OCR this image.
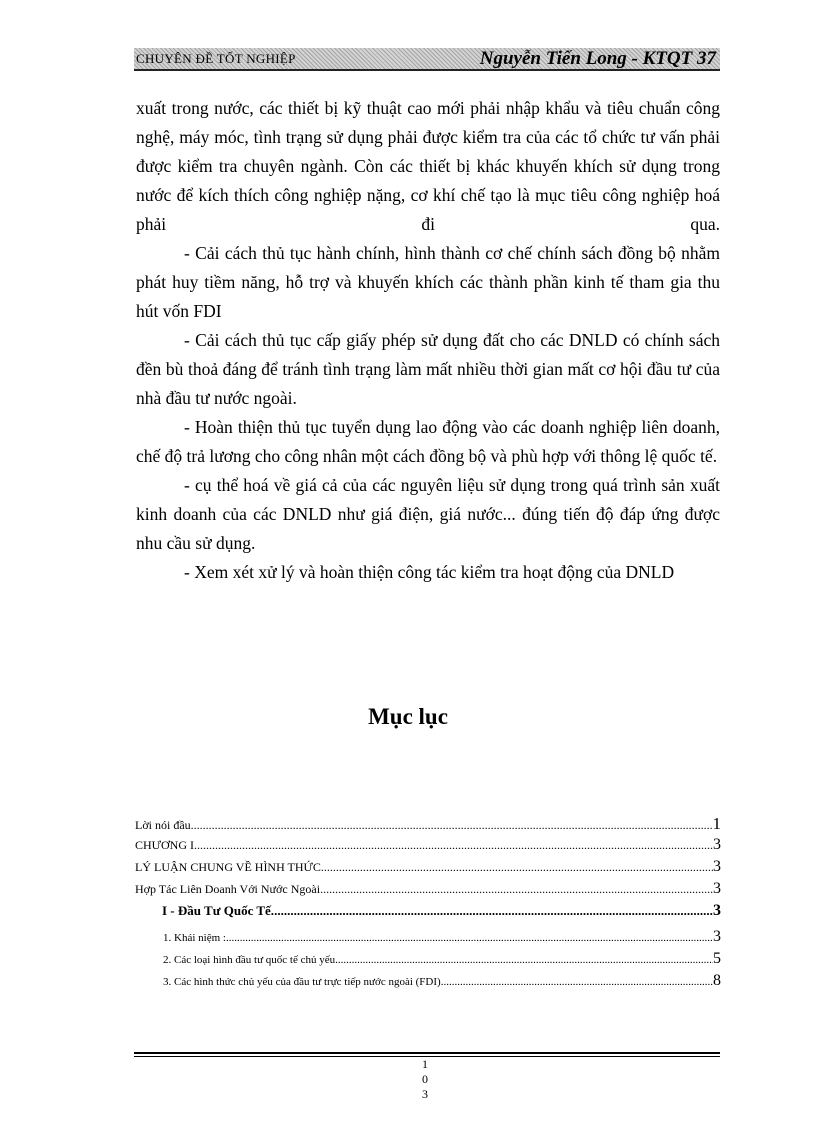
CHUYÊN ĐỀ TỐT NGHIỆP	Nguyễn Tiến Long - KTQT 37

xuất trong nước, các thiết bị kỹ thuật cao mới phải nhập khẩu và tiêu chuẩn công nghệ, máy móc, tình trạng sử dụng phải được kiểm tra của các tổ chức tư vấn phải được kiểm tra chuyên ngành. Còn các thiết bị khác khuyến khích sử dụng trong nước để kích thích công nghiệp nặng, cơ khí chế tạo là mục tiêu công nghiệp hoá phải đi qua.

- Cải cách thủ tục hành chính, hình thành cơ chế chính sách đồng bộ nhằm phát huy tiềm năng, hỗ trợ và khuyến khích các thành phần kinh tế tham gia thu hút vốn FDI

- Cải cách thủ tục cấp giấy phép sử dụng đất cho các DNLD có chính sách đền bù thoả đáng để tránh tình trạng làm mất nhiều thời gian mất cơ hội đầu tư của nhà đầu tư nước ngoài.

- Hoàn thiện thủ tục tuyển dụng lao động vào các doanh nghiệp liên doanh, chế độ trả lương cho công nhân một cách đồng bộ và phù hợp với thông lệ quốc tế.

- cụ thể hoá về giá cả của các nguyên liệu sử dụng trong quá trình sản xuất kinh doanh của các DNLD như giá điện, giá nước... đúng tiến độ đáp ứng được nhu cầu sử dụng.

- Xem xét xử lý và hoàn thiện công tác kiểm tra hoạt động của DNLD

Mục lục
Lời nói đầu .....	1
CHƯƠNG I .....	3
LÝ LUẬN CHUNG VỀ HÌNH THỨC .....	3
Hợp Tác Liên Doanh Với Nước Ngoài .....	3
I - Đầu Tư Quốc Tế. .....	3
1. Khái niệm : .....	3
2. Các loại hình đầu tư quốc tế chủ yếu. .....	5
3. Các hình thức chủ yếu của đầu tư trực tiếp nước ngoài (FDI) .....	8
1
0
3
